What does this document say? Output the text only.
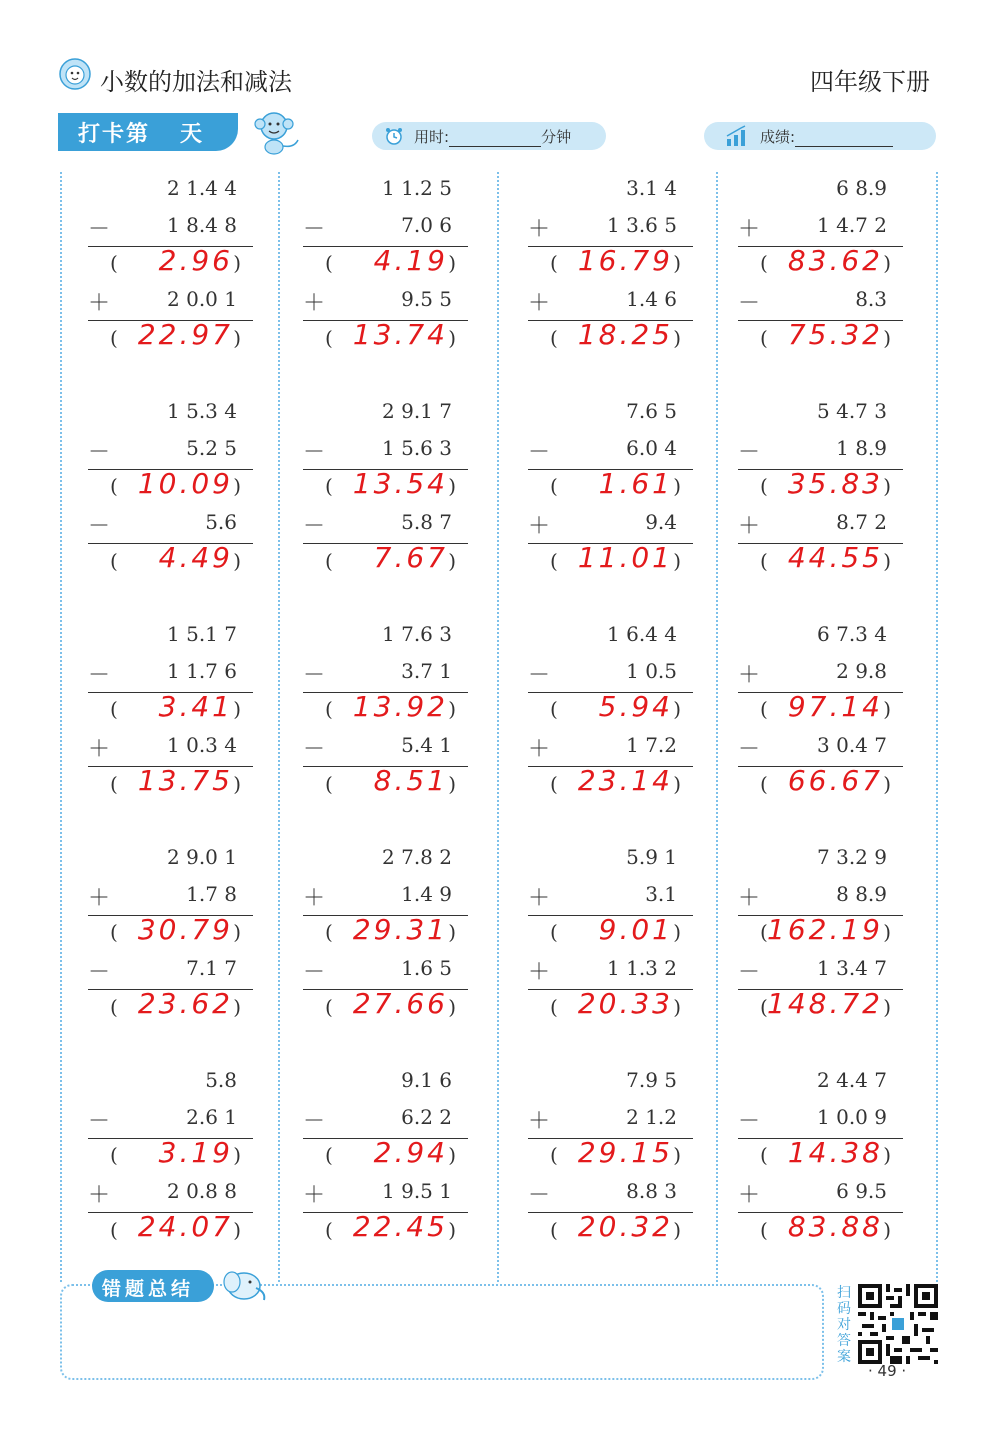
小数的加法和减法	四年级下册
打卡第 天	用时:	分钟	成绩:
2 1.4 4
－	1 8.4 8
( 2.96 )
＋	2 0.0 1
( 22.97 )
1 1.2 5
－	7.0 6
( 4.19 )
＋	9.5 5
( 13.74 )
3.1 4
＋	1 3.6 5
( 16.79 )
＋	1.4 6
( 18.25 )
6 8.9
＋	1 4.7 2
( 83.62 )
－	8.3
( 75.32 )
1 5.3 4
－	5.2 5
( 10.09 )
－	5.6
( 4.49 )
2 9.1 7
－	1 5.6 3
( 13.54 )
－	5.8 7
( 7.67 )
7.6 5
－	6.0 4
( 1.61 )
＋	9.4
( 11.01 )
5 4.7 3
－	1 8.9
( 35.83 )
＋	8.7 2
( 44.55 )
1 5.1 7
－	1 1.7 6
( 3.41 )
＋	1 0.3 4
( 13.75 )
1 7.6 3
－	3.7 1
( 13.92 )
－	5.4 1
( 8.51 )
1 6.4 4
－	1 0.5
( 5.94 )
＋	1 7.2
( 23.14 )
6 7.3 4
＋	2 9.8
( 97.14 )
－	3 0.4 7
( 66.67 )
2 9.0 1
＋	1.7 8
( 30.79 )
－	7.1 7
( 23.62 )
2 7.8 2
＋	1.4 9
( 29.31 )
－	1.6 5
( 27.66 )
5.9 1
＋	3.1
( 9.01 )
＋	1 1.3 2
( 20.33 )
7 3.2 9
＋	8 8.9
( 162.19 )
－	1 3.4 7
( 148.72 )
5.8
－	2.6 1
( 3.19 )
＋	2 0.8 8
( 24.07 )
9.1 6
－	6.2 2
( 2.94 )
＋	1 9.5 1
( 22.45 )
7.9 5
＋	2 1.2
( 29.15 )
－	8.8 3
( 20.32 )
2 4.4 7
－	1 0.0 9
( 14.38 )
＋	6 9.5
( 83.88 )
错题总结	扫码对答案
· 49 ·
